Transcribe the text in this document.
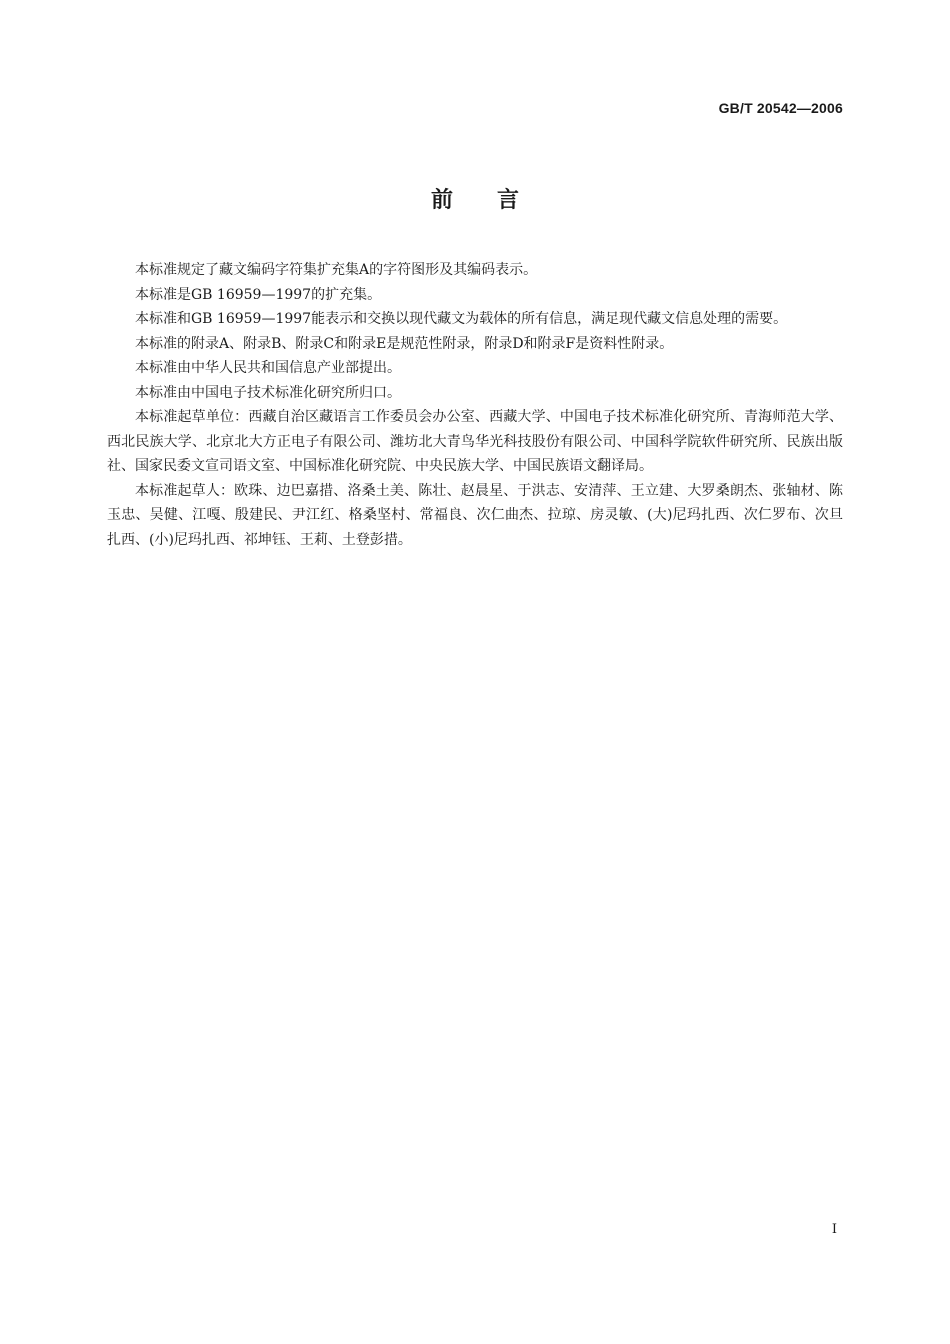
GB/T 20542—2006
前　　言

本标准规定了藏文编码字符集扩充集A的字符图形及其编码表示。

本标准是GB 16959—1997的扩充集。

本标准和GB 16959—1997能表示和交换以现代藏文为载体的所有信息，满足现代藏文信息处理的需要。

本标准的附录A、附录B、附录C和附录E是规范性附录，附录D和附录F是资料性附录。

本标准由中华人民共和国信息产业部提出。

本标准由中国电子技术标准化研究所归口。

本标准起草单位：西藏自治区藏语言工作委员会办公室、西藏大学、中国电子技术标准化研究所、青海师范大学、西北民族大学、北京北大方正电子有限公司、潍坊北大青鸟华光科技股份有限公司、中国科学院软件研究所、民族出版社、国家民委文宣司语文室、中国标准化研究院、中央民族大学、中国民族语文翻译局。

本标准起草人：欧珠、边巴嘉措、洛桑土美、陈壮、赵晨星、于洪志、安清萍、王立建、大罗桑朗杰、张轴材、陈玉忠、吴健、江嘎、殷建民、尹江红、格桑坚村、常福良、次仁曲杰、拉琼、房灵敏、(大)尼玛扎西、次仁罗布、次旦扎西、(小)尼玛扎西、祁坤钰、王莉、土登彭措。

I
